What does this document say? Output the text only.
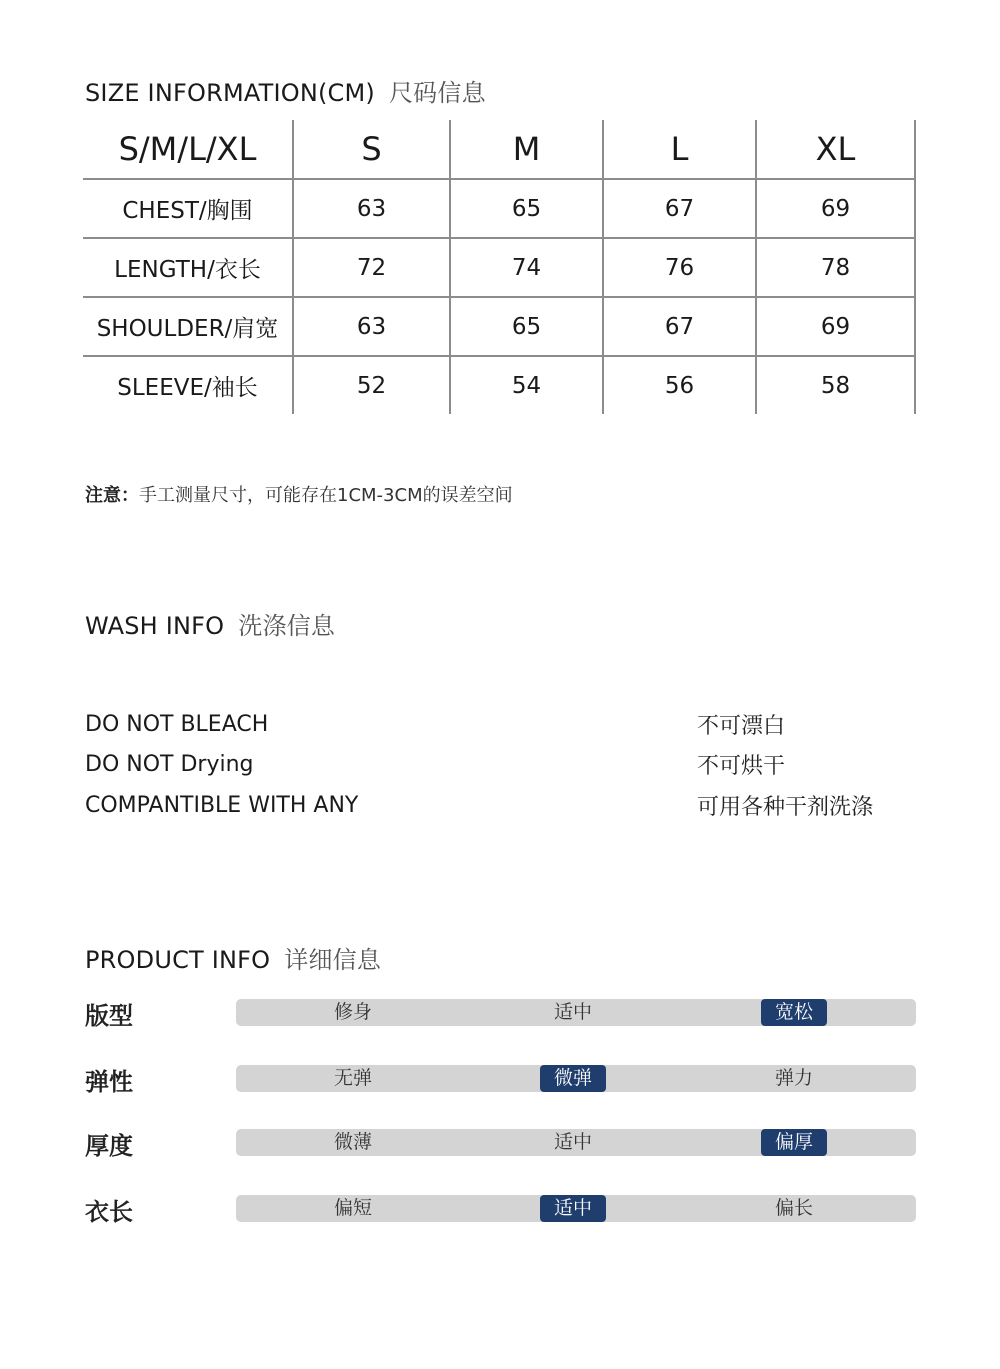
SIZE INFORMATION(CM) 尺码信息
S/M/L/XL	S	M	L	XL
CHEST/胸围	63	65	67	69
LENGTH/衣长	72	74	76	78
SHOULDER/肩宽	63	65	67	69
SLEEVE/袖长	52	54	56	58
注意：手工测量尺寸，可能存在1CM-3CM的误差空间
WASH INFO 洗涤信息
DO NOT BLEACH	不可漂白
DO NOT Drying	不可烘干
COMPANTIBLE WITH ANY	可用各种干剂洗涤
PRODUCT INFO 详细信息
版型	修身	适中	宽松
弹性	无弹	微弹	弹力
厚度	微薄	适中	偏厚
衣长	偏短	适中	偏长
